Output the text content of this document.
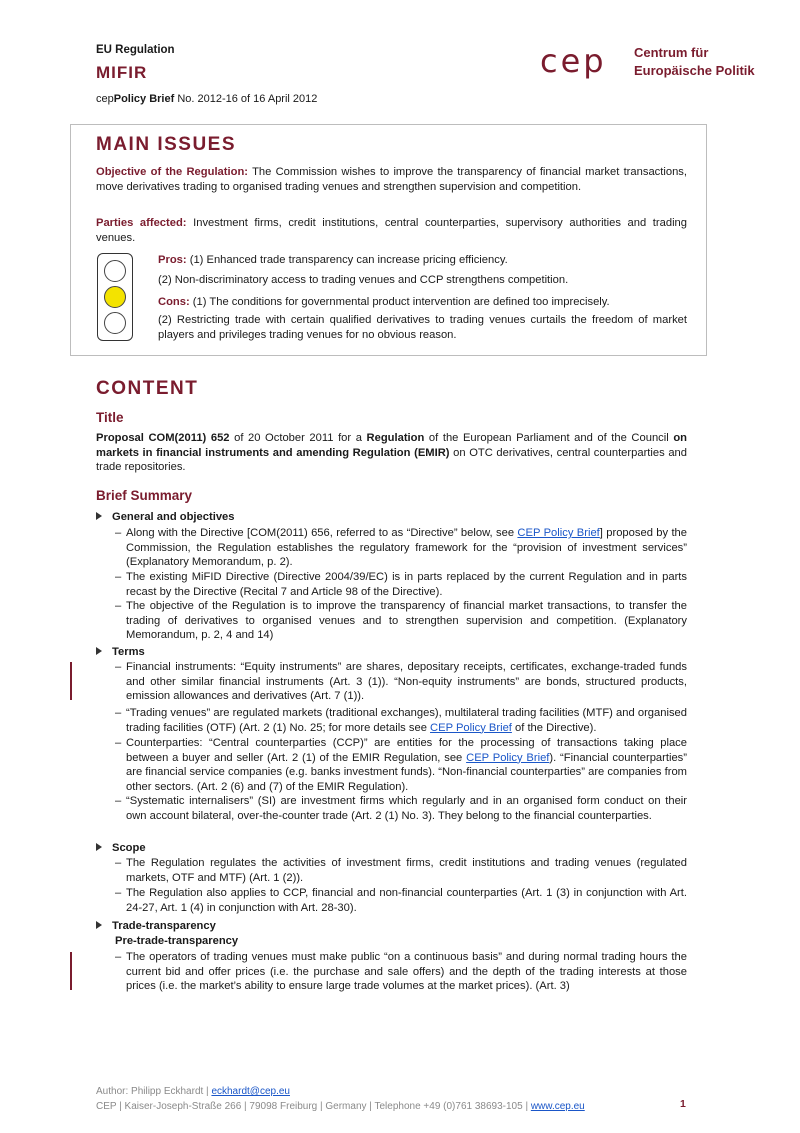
EU Regulation
MIFIR
cepPolicy Brief No. 2012-16 of 16 April 2012
cep Centrum für
Europäische Politik
MAIN ISSUES
Objective of the Regulation: The Commission wishes to improve the transparency of financial market transactions, move derivatives trading to organised trading venues and strengthen supervision and competition.
Parties affected: Investment firms, credit institutions, central counterparties, supervisory authorities and trading venues.
Pros: (1) Enhanced trade transparency can increase pricing efficiency.
(2) Non-discriminatory access to trading venues and CCP strengthens competition.
Cons: (1) The conditions for governmental product intervention are defined too imprecisely.
(2) Restricting trade with certain qualified derivatives to trading venues curtails the freedom of market players and privileges trading venues for no obvious reason.
CONTENT
Title
Proposal COM(2011) 652 of 20 October 2011 for a Regulation of the European Parliament and of the Council on markets in financial instruments and amending Regulation (EMIR) on OTC derivatives, central counterparties and trade repositories.
Brief Summary
General and objectives
– Along with the Directive [COM(2011) 656, referred to as “Directive” below, see CEP Policy Brief] proposed by the Commission, the Regulation establishes the regulatory framework for the “provision of investment services” (Explanatory Memorandum, p. 2).
– The existing MiFID Directive (Directive 2004/39/EC) is in parts replaced by the current Regulation and in parts recast by the Directive (Recital 7 and Article 98 of the Directive).
– The objective of the Regulation is to improve the transparency of financial market transactions, to transfer the trading of derivatives to organised venues and to strengthen supervision and competition. (Explanatory Memorandum, p. 2, 4 and 14)
Terms
– Financial instruments: “Equity instruments” are shares, depositary receipts, certificates, exchange-traded funds and other similar financial instruments (Art. 3 (1)). “Non-equity instruments” are bonds, structured products, emission allowances and derivatives (Art. 7 (1)).
– “Trading venues” are regulated markets (traditional exchanges), multilateral trading facilities (MTF) and organised trading facilities (OTF) (Art. 2 (1) No. 25; for more details see CEP Policy Brief of the Directive).
– Counterparties: “Central counterparties (CCP)” are entities for the processing of transactions taking place between a buyer and seller (Art. 2 (1) of the EMIR Regulation, see CEP Policy Brief). “Financial counterparties” are financial service companies (e.g. banks investment funds). “Non-financial counterparties” are companies from other sectors. (Art. 2 (6) and (7) of the EMIR Regulation).
– “Systematic internalisers” (SI) are investment firms which regularly and in an organised form conduct on their own account bilateral, over-the-counter trade (Art. 2 (1) No. 3). They belong to the financial counterparties.
Scope
– The Regulation regulates the activities of investment firms, credit institutions and trading venues (regulated markets, OTF and MTF) (Art. 1 (2)).
– The Regulation also applies to CCP, financial and non-financial counterparties (Art. 1 (3) in conjunction with Art. 24-27, Art. 1 (4) in conjunction with Art. 28-30).
Trade-transparency
Pre-trade-transparency
– The operators of trading venues must make public “on a continuous basis” and during normal trading hours the current bid and offer prices (i.e. the purchase and sale offers) and the depth of the trading interests at those prices (i.e. the market’s ability to ensure large trade volumes at the market prices). (Art. 3)
Author: Philipp Eckhardt | eckhardt@cep.eu
CEP | Kaiser-Joseph-Straße 266 | 79098 Freiburg | Germany | Telephone +49 (0)761 38693-105 | www.cep.eu	1
